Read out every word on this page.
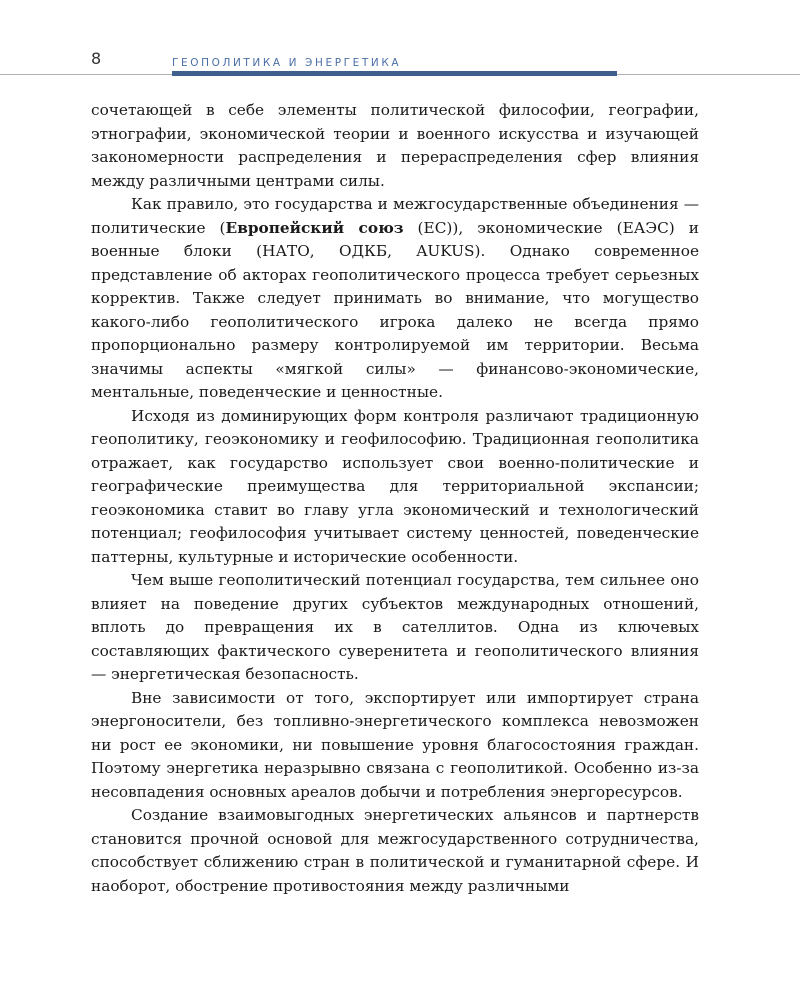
8	ГЕОПОЛИТИКА И ЭНЕРГЕТИКА

сочетающей в себе элементы политической философии, географии, этнографии, экономической теории и военного искусства и изучающей закономерности распределения и перераспределения сфер влияния между различными центрами силы.

Как правило, это государства и межгосударственные объединения — политические (Европейский союз (ЕС)), экономические (ЕАЭС) и военные блоки (НАТО, ОДКБ, AUKUS). Однако современное представление об акторах геополитического процесса требует серьезных корректив. Также следует принимать во внимание, что могущество какого-либо геополитического игрока далеко не всегда прямо пропорционально размеру контролируемой им территории. Весьма значимы аспекты «мягкой силы» — финансово-экономические, ментальные, поведенческие и ценностные.

Исходя из доминирующих форм контроля различают традиционную геополитику, геоэкономику и геофилософию. Традиционная геополитика отражает, как государство использует свои военно-политические и географические преимущества для территориальной экспансии; геоэкономика ставит во главу угла экономический и технологический потенциал; геофилософия учитывает систему ценностей, поведенческие паттерны, культурные и исторические особенности.

Чем выше геополитический потенциал государства, тем сильнее оно влияет на поведение других субъектов международных отношений, вплоть до превращения их в сателлитов. Одна из ключевых составляющих фактического суверенитета и геополитического влияния — энергетическая безопасность.

Вне зависимости от того, экспортирует или импортирует страна энергоносители, без топливно-энергетического комплекса невозможен ни рост ее экономики, ни повышение уровня благосостояния граждан. Поэтому энергетика неразрывно связана с геополитикой. Особенно из-за несовпадения основных ареалов добычи и потребления энергоресурсов.

Создание взаимовыгодных энергетических альянсов и партнерств становится прочной основой для межгосударственного сотрудничества, способствует сближению стран в политической и гуманитарной сфере. И наоборот, обострение противостояния между различными
